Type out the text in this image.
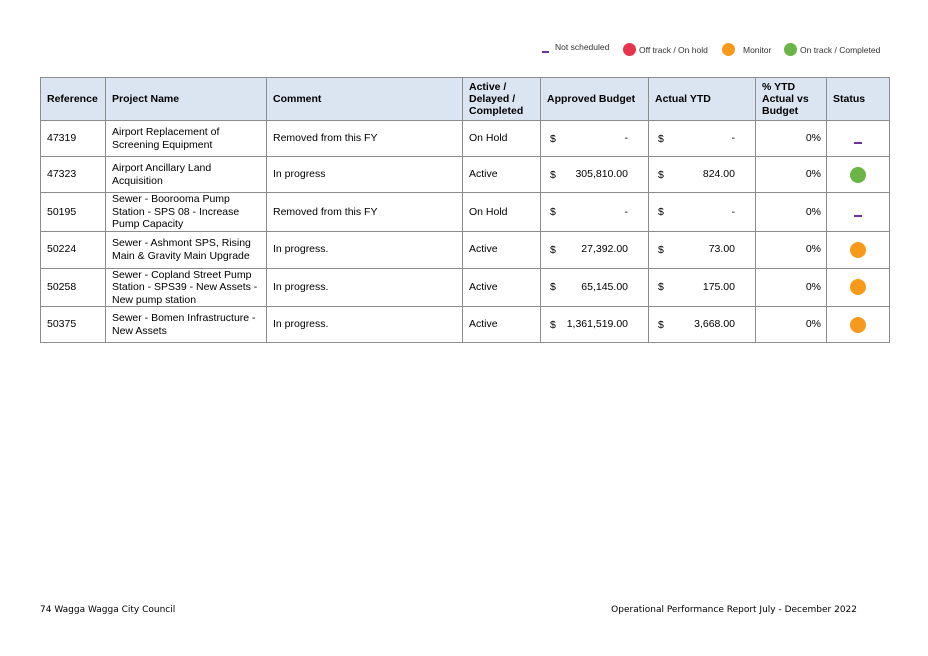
Not scheduled	Off track / On hold	Monitor	On track / Completed
Reference	Project Name	Comment	Active / Delayed / Completed	Approved Budget	Actual YTD	% YTD Actual vs Budget	Status
47319	Airport Replacement of Screening Equipment	Removed from this FY	On Hold	$ -	$ -	0%	
47323	Airport Ancillary Land Acquisition	In progress	Active	$ 305,810.00	$ 824.00	0%	
50195	Sewer - Boorooma Pump Station - SPS 08 - Increase Pump Capacity	Removed from this FY	On Hold	$ -	$ -	0%	
50224	Sewer - Ashmont SPS, Rising Main & Gravity Main Upgrade	In progress.	Active	$ 27,392.00	$ 73.00	0%	
50258	Sewer - Copland Street Pump Station - SPS39 - New Assets - New pump station	In progress.	Active	$ 65,145.00	$ 175.00	0%	
50375	Sewer - Bomen Infrastructure - New Assets	In progress.	Active	$ 1,361,519.00	$ 3,668.00	0%	
74 Wagga Wagga City Council	Operational Performance Report July - December 2022
